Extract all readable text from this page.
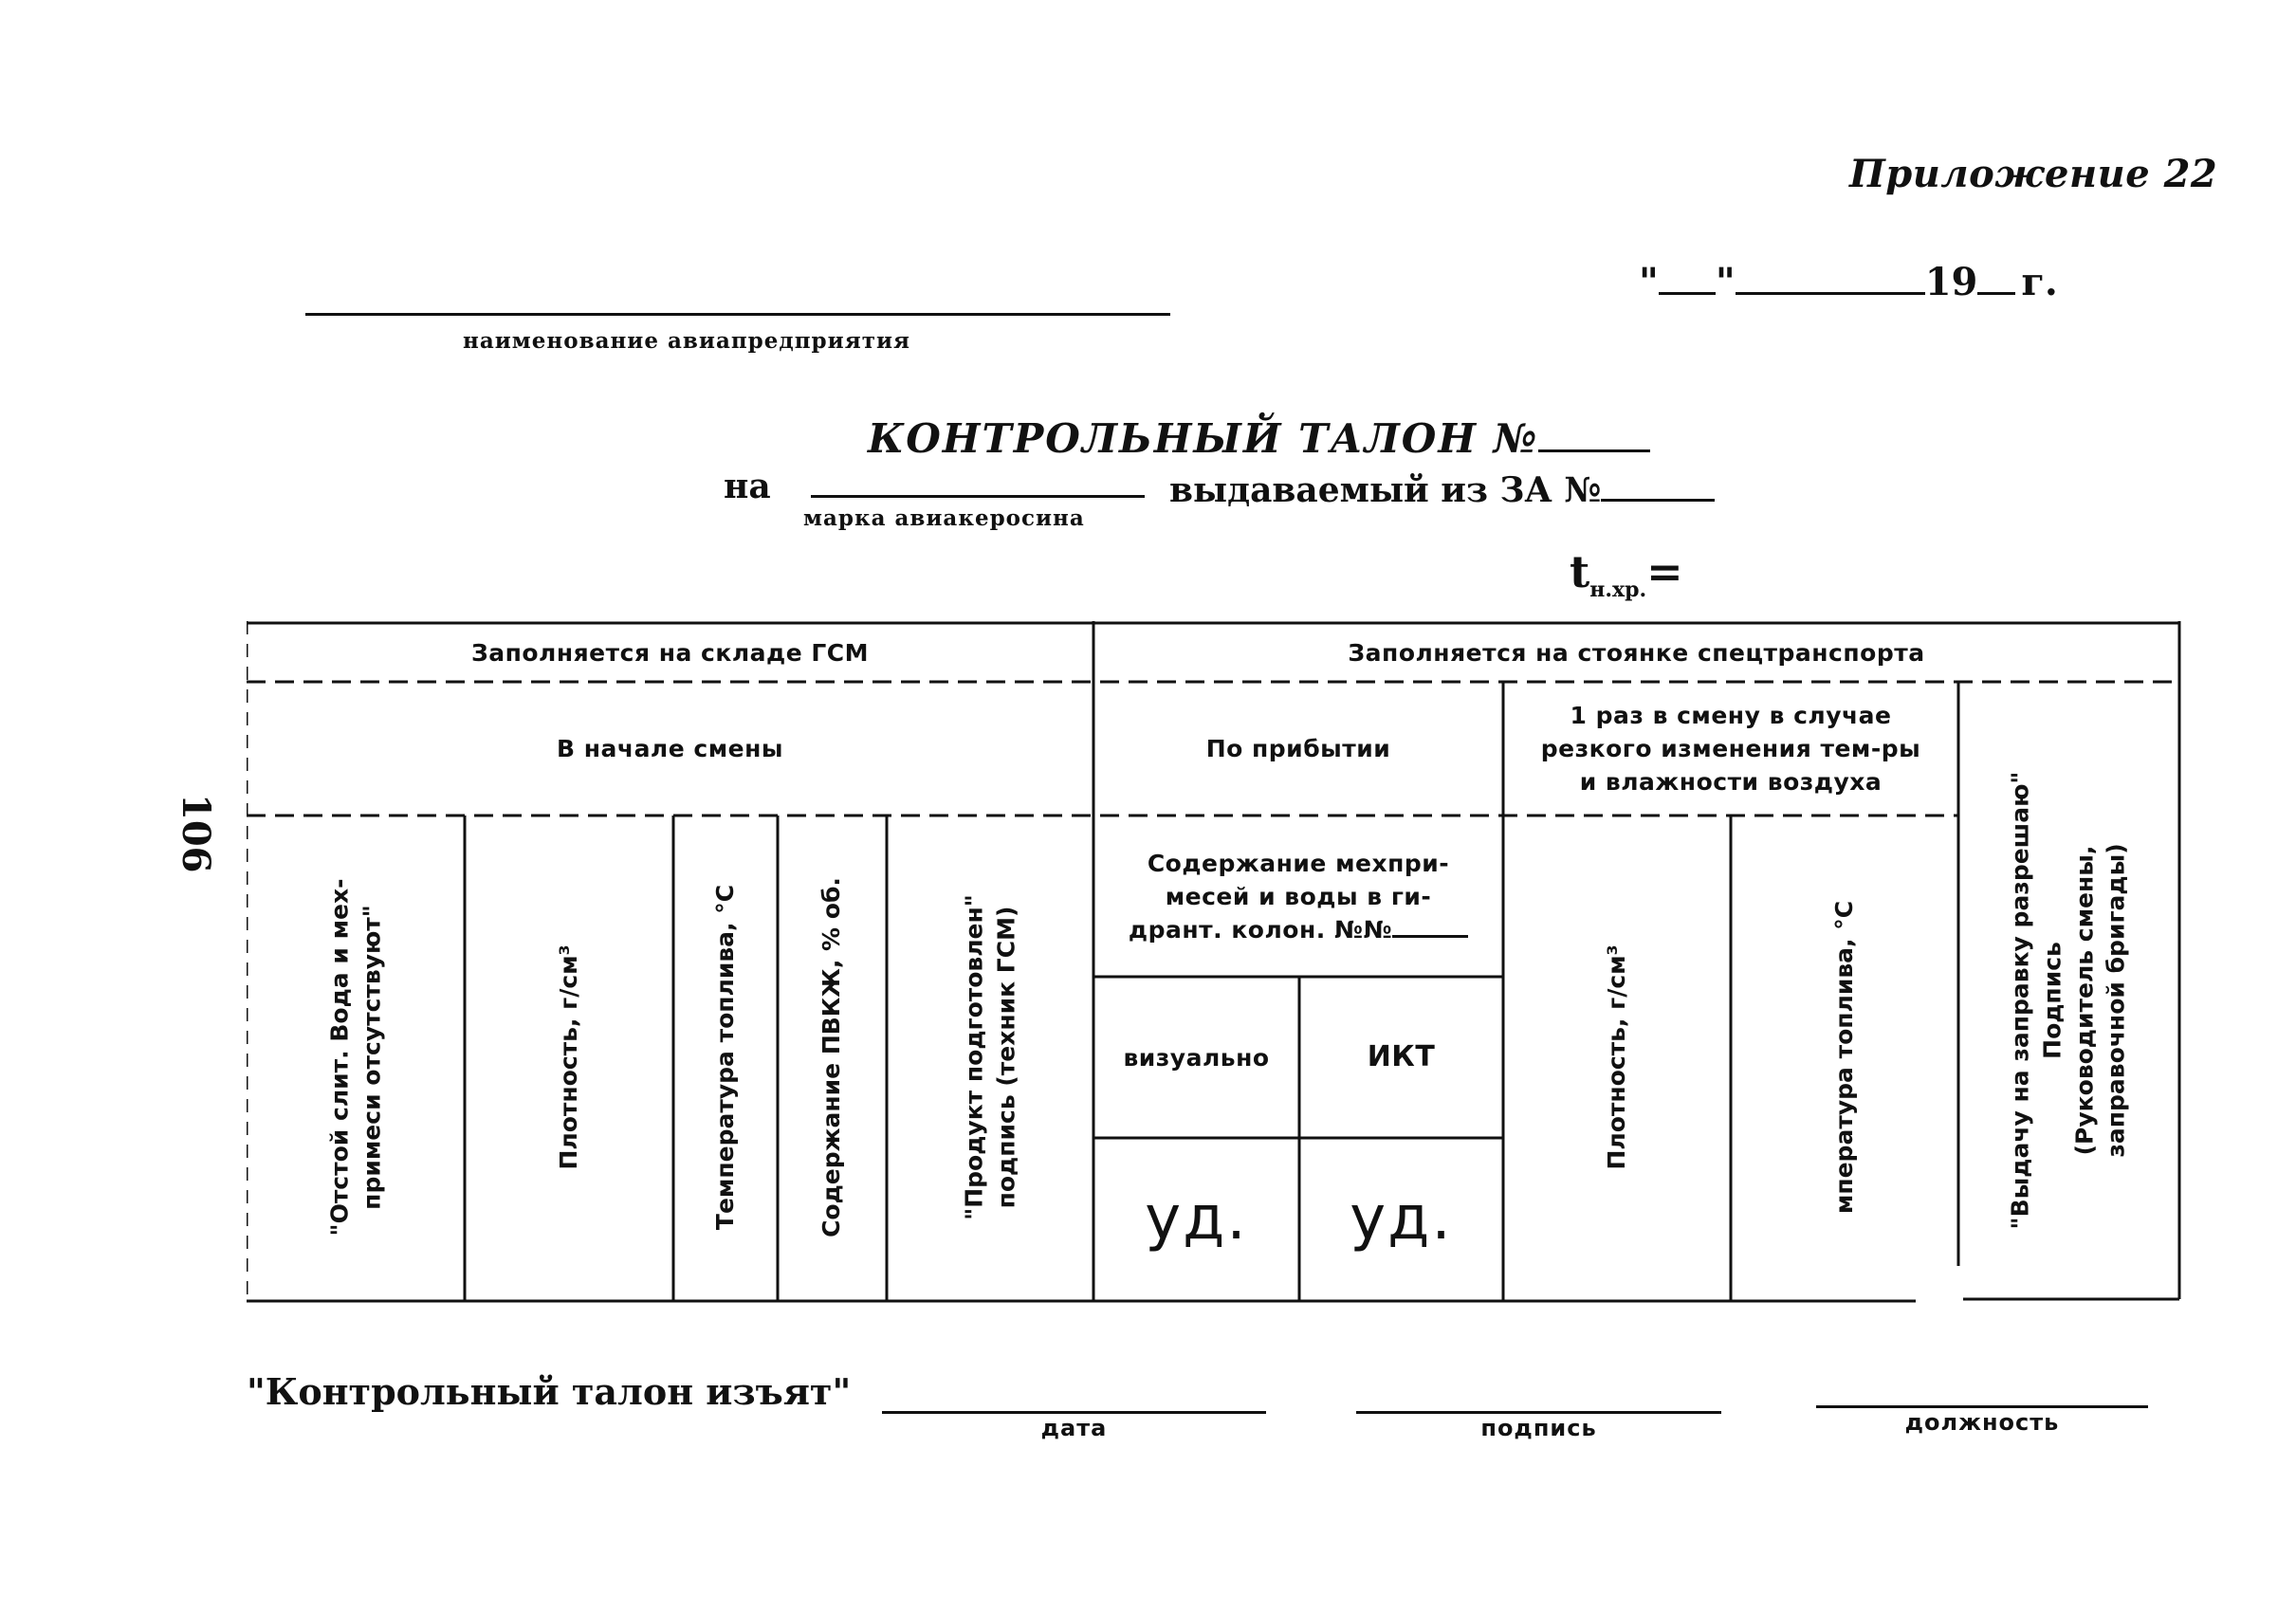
Приложение 22
" "	19 г.
наименование авиапредприятия
КОНТРОЛЬНЫЙ ТАЛОН №
на
марка авиакеросина
выдаваемый из ЗА №
$t_{н.хр.}=$
106
Заполняется на складе ГСМ	Заполняется на стоянке спецтранспорта
В начале смены	По прибытии
1 раз в смену в случае
резкого изменения тем-ры
и влажности воздуха
"Отстой слит. Вода и мех- примеси отсутствуют"	Плотность, г/см³	Температура топлива, °С	Содержание ПВКЖ, % об.	"Продукт подготовлен" подпись (техник ГСМ)
Содержание мехпри-
месей и воды в ги-
дрант. колон. №№
визуально	ИКТ
уд.	уд.
Плотность, г/см³	мпература топлива, °С	"Выдачу на заправку разрешаю" Подпись (Руководитель смены, заправочной бригады)
"Контрольный талон изъят"
дата	подпись	должность
